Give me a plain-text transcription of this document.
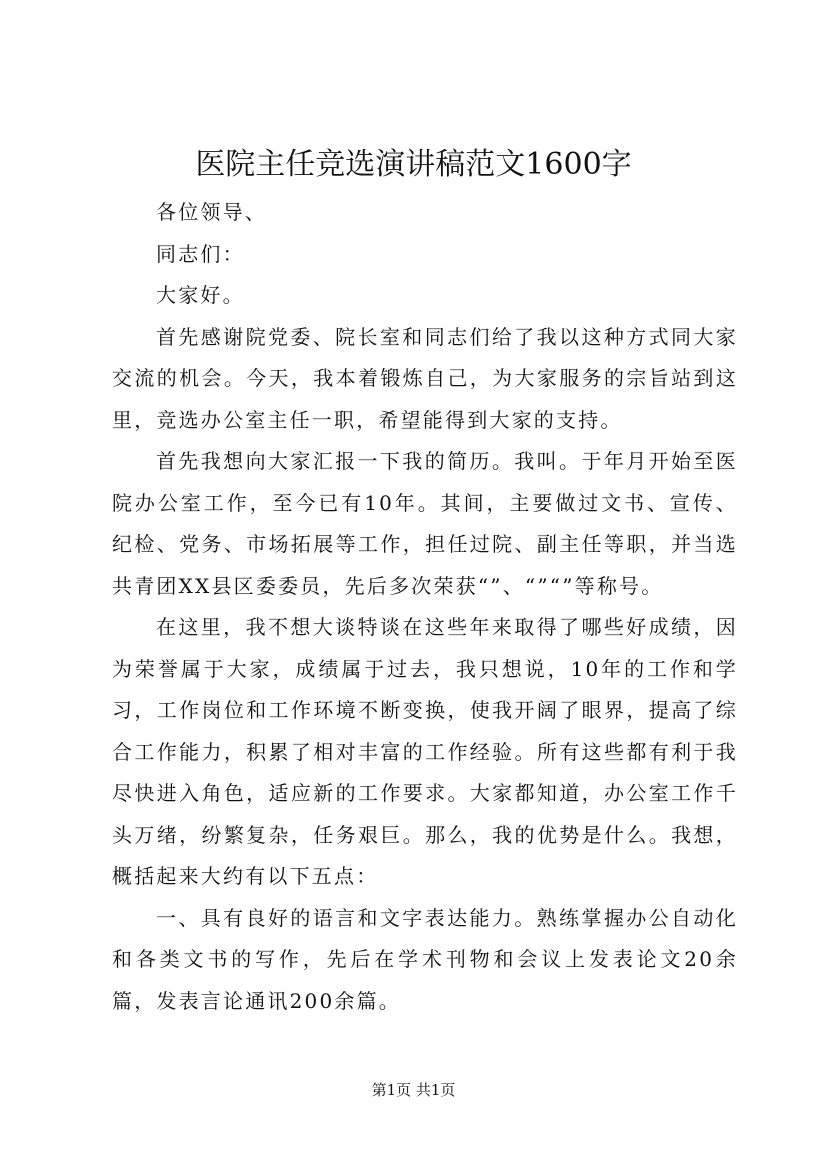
医院主任竞选演讲稿范文1600字

各位领导、

同志们：

大家好。

首先感谢院党委、院长室和同志们给了我以这种方式同大家交流的机会。今天，我本着锻炼自己，为大家服务的宗旨站到这里，竞选办公室主任一职，希望能得到大家的支持。

首先我想向大家汇报一下我的简历。我叫。于年月开始至医院办公室工作，至今已有10年。其间，主要做过文书、宣传、纪检、党务、市场拓展等工作，担任过院、副主任等职，并当选共青团XX县区委委员，先后多次荣获“”、“”“”等称号。

在这里，我不想大谈特谈在这些年来取得了哪些好成绩，因为荣誉属于大家，成绩属于过去，我只想说，10年的工作和学习，工作岗位和工作环境不断变换，使我开阔了眼界，提高了综合工作能力，积累了相对丰富的工作经验。所有这些都有利于我尽快进入角色，适应新的工作要求。大家都知道，办公室工作千头万绪，纷繁复杂，任务艰巨。那么，我的优势是什么。我想，概括起来大约有以下五点：

一、具有良好的语言和文字表达能力。熟练掌握办公自动化和各类文书的写作，先后在学术刊物和会议上发表论文20余篇，发表言论通讯200余篇。

第1页 共1页
